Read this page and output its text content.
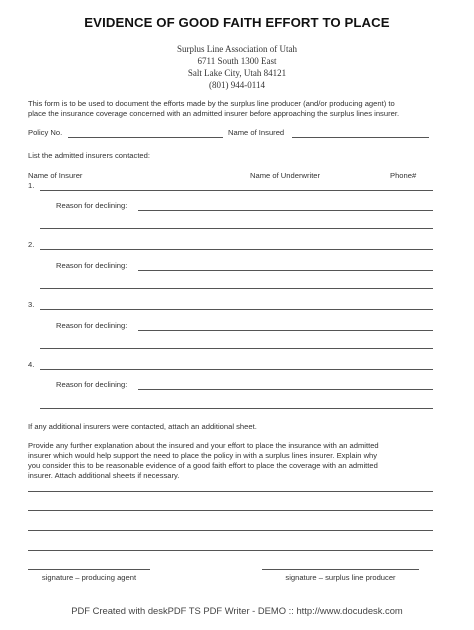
EVIDENCE OF GOOD FAITH EFFORT TO PLACE
Surplus Line Association of Utah
6711 South 1300 East
Salt Lake City, Utah 84121
(801) 944-0114
This form is to be used to document the efforts made by the surplus line producer (and/or producing agent) to
place the insurance coverage concerned with an admitted insurer before approaching the surplus lines insurer.
Policy No.	Name of Insured
List the admitted insurers contacted:
Name of Insurer	Name of Underwriter	Phone#
1.
Reason for declining:
2.
Reason for declining:
3.
Reason for declining:
4.
Reason for declining:
If any additional insurers were contacted, attach an additional sheet.
Provide any further explanation about the insured and your effort to place the insurance with an admitted
insurer which would help support the need to place the policy in with a surplus lines insurer. Explain why
you consider this to be reasonable evidence of a good faith effort to place the coverage with an admitted
insurer. Attach additional sheets if necessary.
signature – producing agent	signature – surplus line producer
PDF Created with deskPDF TS PDF Writer - DEMO :: http://www.docudesk.com
